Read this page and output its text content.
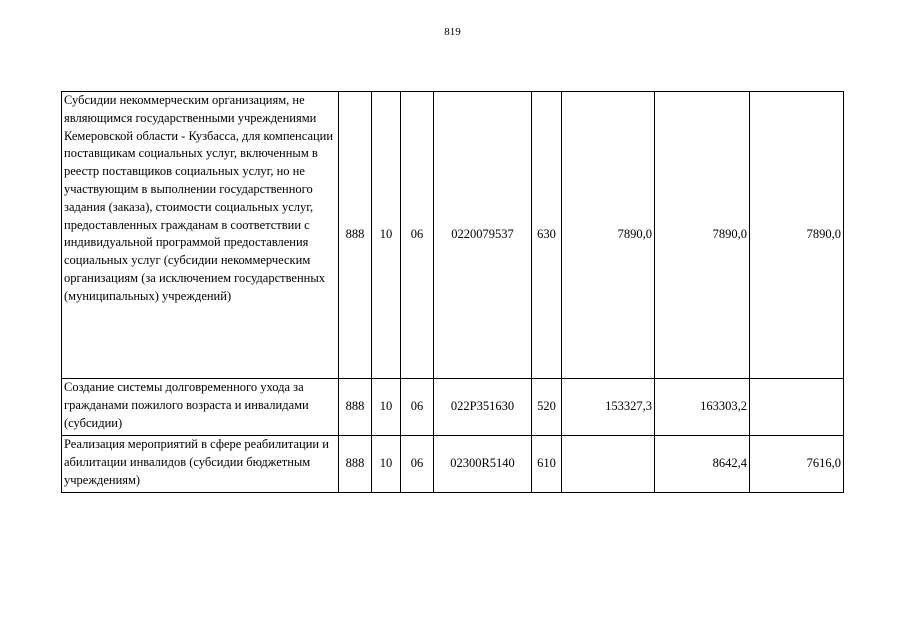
819
Субсидии некоммерческим организациям, не являющимся государственными учреждениями Кемеровской области - Кузбасса, для компенсации поставщикам социальных услуг, включенным в реестр поставщиков социальных услуг, но не участвующим в выполнении государственного задания (заказа), стоимости социальных услуг, предоставленных гражданам в соответствии с индивидуальной программой предоставления социальных услуг (субсидии некоммерческим организациям (за исключением государственных (муниципальных) учреждений)	888	10	06	0220079537	630	7890,0	7890,0	7890,0
Создание системы долговременного ухода за гражданами пожилого возраста и инвалидами (субсидии)	888	10	06	022P351630	520	153327,3	163303,2	
Реализация мероприятий в сфере реабилитации и абилитации инвалидов (субсидии бюджетным учреждениям)	888	10	06	02300R5140	610		8642,4	7616,0
